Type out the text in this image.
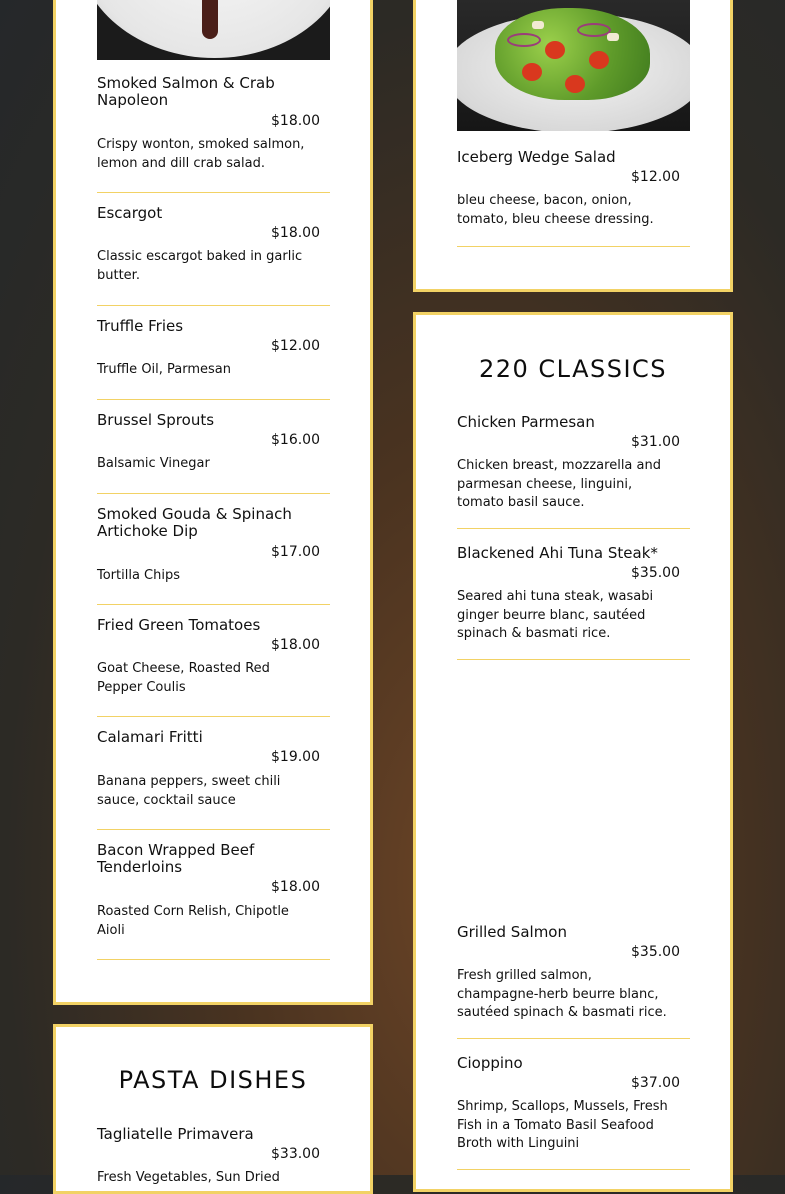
Smoked Salmon & Crab Napoleon
$18.00
Crispy wonton, smoked salmon, lemon and dill crab salad.
Escargot
$18.00
Classic escargot baked in garlic butter.
Truffle Fries
$12.00
Truffle Oil, Parmesan
Brussel Sprouts
$16.00
Balsamic Vinegar
Smoked Gouda & Spinach Artichoke Dip
$17.00
Tortilla Chips
Fried Green Tomatoes
$18.00
Goat Cheese, Roasted Red Pepper Coulis
Calamari Fritti
$19.00
Banana peppers, sweet chili sauce, cocktail sauce
Bacon Wrapped Beef Tenderloins
$18.00
Roasted Corn Relish, Chipotle Aioli
Iceberg Wedge Salad
$12.00
bleu cheese, bacon, onion, tomato, bleu cheese dressing.
220 CLASSICS
Chicken Parmesan
$31.00
Chicken breast, mozzarella and parmesan cheese, linguini, tomato basil sauce.
Blackened Ahi Tuna Steak*
$35.00
Seared ahi tuna steak, wasabi ginger beurre blanc, sautéed spinach & basmati rice.
Grilled Salmon
$35.00
Fresh grilled salmon, champagne-herb beurre blanc, sautéed spinach & basmati rice.
Cioppino
$37.00
Shrimp, Scallops, Mussels, Fresh Fish in a Tomato Basil Seafood Broth with Linguini
PASTA DISHES
Tagliatelle Primavera
$33.00
Fresh Vegetables, Sun Dried
